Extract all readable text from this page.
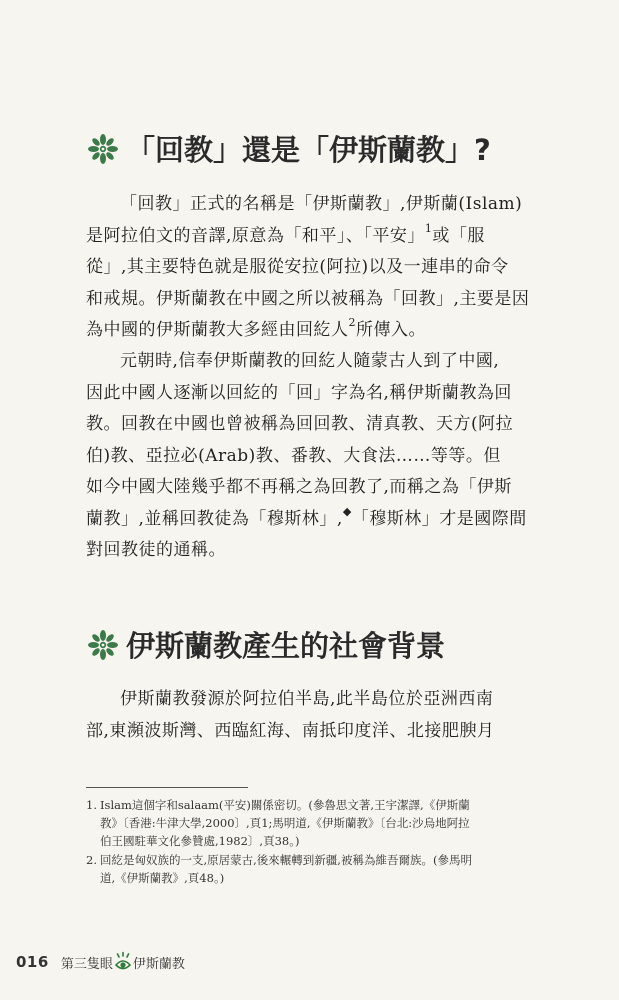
「回教」還是「伊斯蘭教」?
「回教」正式的名稱是「伊斯蘭教」,伊斯蘭(Islam)
是阿拉伯文的音譯,原意為「和平」、「平安」$^1$或「服
從」,其主要特色就是服從安拉(阿拉)以及一連串的命令
和戒規。伊斯蘭教在中國之所以被稱為「回教」,主要是因
為中國的伊斯蘭教大多經由回紇人$^2$所傳入。
元朝時,信奉伊斯蘭教的回紇人隨蒙古人到了中國,
因此中國人逐漸以回紇的「回」字為名,稱伊斯蘭教為回
教。回教在中國也曾被稱為回回教、清真教、天方(阿拉
伯)教、亞拉必(Arab)教、番教、大食法……等等。但
如今中國大陸幾乎都不再稱之為回教了,而稱之為「伊斯
蘭教」,並稱回教徒為「穆斯林」,◆「穆斯林」才是國際間
對回教徒的通稱。
伊斯蘭教產生的社會背景
伊斯蘭教發源於阿拉伯半島,此半島位於亞洲西南
部,東瀕波斯灣、西臨紅海、南抵印度洋、北接肥腴月
1. Islam這個字和salaam(平安)關係密切。(參魯思文著,王宇潔譯,《伊斯蘭
教》〔香港:牛津大學,2000〕,頁1;馬明道,《伊斯蘭教》〔台北:沙烏地阿拉
伯王國駐華文化參贊處,1982〕,頁38。)
2. 回紇是匈奴族的一支,原居蒙古,後來輾轉到新疆,被稱為維吾爾族。(參馬明
道,《伊斯蘭教》,頁48。)
016 第三隻眼 伊斯蘭教
